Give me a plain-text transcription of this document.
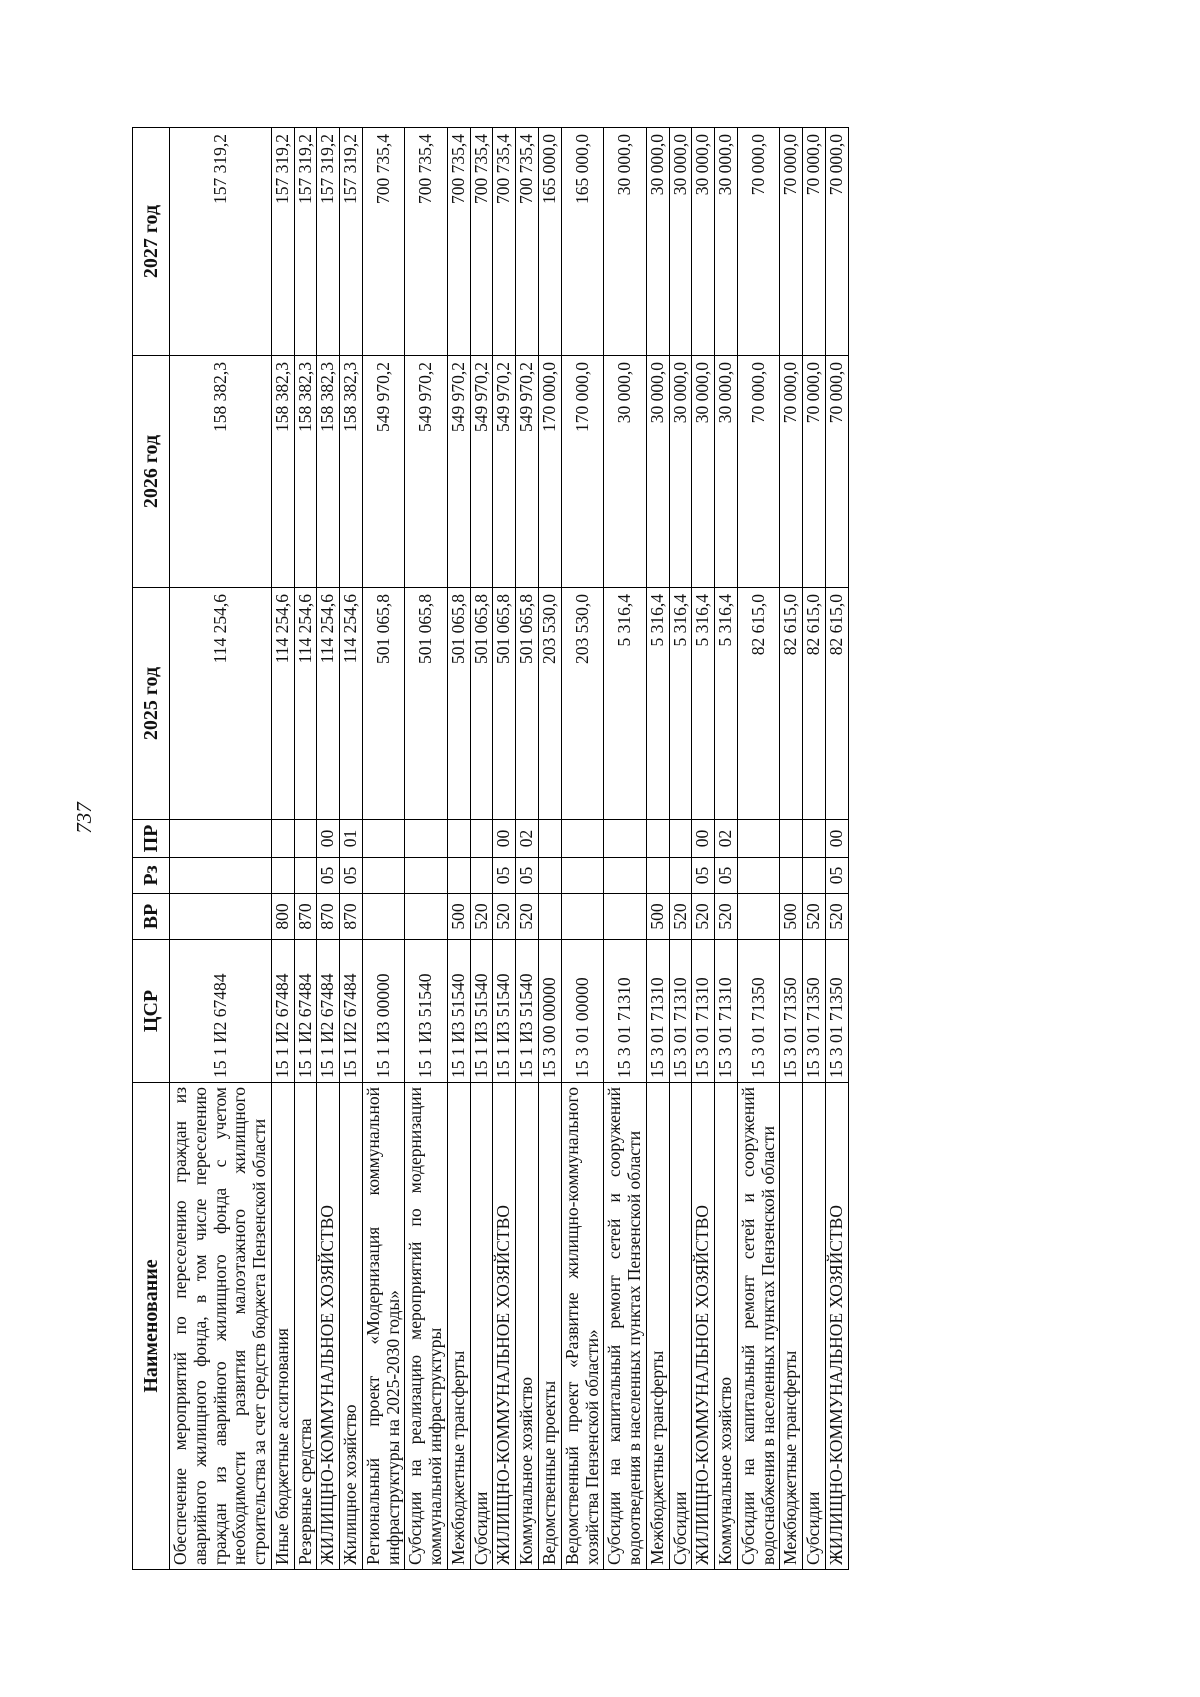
737
Наименование	ЦСР	ВР	Рз	ПР	2025 год	2026 год	2027 год
Обеспечение мероприятий по переселению граждан из аварийного жилищного фонда, в том числе переселению граждан из аварийного жилищного фонда с учетом необходимости развития малоэтажного жилищного строительства за счет средств бюджета Пензенской области	15 1 И2 67484				114 254,6	158 382,3	157 319,2
Иные бюджетные ассигнования	15 1 И2 67484	800			114 254,6	158 382,3	157 319,2
Резервные средства	15 1 И2 67484	870			114 254,6	158 382,3	157 319,2
ЖИЛИЩНО-КОММУНАЛЬНОЕ ХОЗЯЙСТВО	15 1 И2 67484	870	05	00	114 254,6	158 382,3	157 319,2
Жилищное хозяйство	15 1 И2 67484	870	05	01	114 254,6	158 382,3	157 319,2
Региональный проект «Модернизация коммунальной инфраструктуры на 2025-2030 годы»	15 1 И3 00000				501 065,8	549 970,2	700 735,4
Субсидии на реализацию мероприятий по модернизации коммунальной инфраструктуры	15 1 И3 51540				501 065,8	549 970,2	700 735,4
Межбюджетные трансферты	15 1 И3 51540	500			501 065,8	549 970,2	700 735,4
Субсидии	15 1 И3 51540	520			501 065,8	549 970,2	700 735,4
ЖИЛИЩНО-КОММУНАЛЬНОЕ ХОЗЯЙСТВО	15 1 И3 51540	520	05	00	501 065,8	549 970,2	700 735,4
Коммунальное хозяйство	15 1 И3 51540	520	05	02	501 065,8	549 970,2	700 735,4
Ведомственные проекты	15 3 00 00000				203 530,0	170 000,0	165 000,0
Ведомственный проект «Развитие жилищно-коммунального хозяйства Пензенской области»	15 3 01 00000				203 530,0	170 000,0	165 000,0
Субсидии на капитальный ремонт сетей и сооружений водоотведения в населенных пунктах Пензенской области	15 3 01 71310				5 316,4	30 000,0	30 000,0
Межбюджетные трансферты	15 3 01 71310	500			5 316,4	30 000,0	30 000,0
Субсидии	15 3 01 71310	520			5 316,4	30 000,0	30 000,0
ЖИЛИЩНО-КОММУНАЛЬНОЕ ХОЗЯЙСТВО	15 3 01 71310	520	05	00	5 316,4	30 000,0	30 000,0
Коммунальное хозяйство	15 3 01 71310	520	05	02	5 316,4	30 000,0	30 000,0
Субсидии на капитальный ремонт сетей и сооружений водоснабжения в населенных пунктах Пензенской области	15 3 01 71350				82 615,0	70 000,0	70 000,0
Межбюджетные трансферты	15 3 01 71350	500			82 615,0	70 000,0	70 000,0
Субсидии	15 3 01 71350	520			82 615,0	70 000,0	70 000,0
ЖИЛИЩНО-КОММУНАЛЬНОЕ ХОЗЯЙСТВО	15 3 01 71350	520	05	00	82 615,0	70 000,0	70 000,0
